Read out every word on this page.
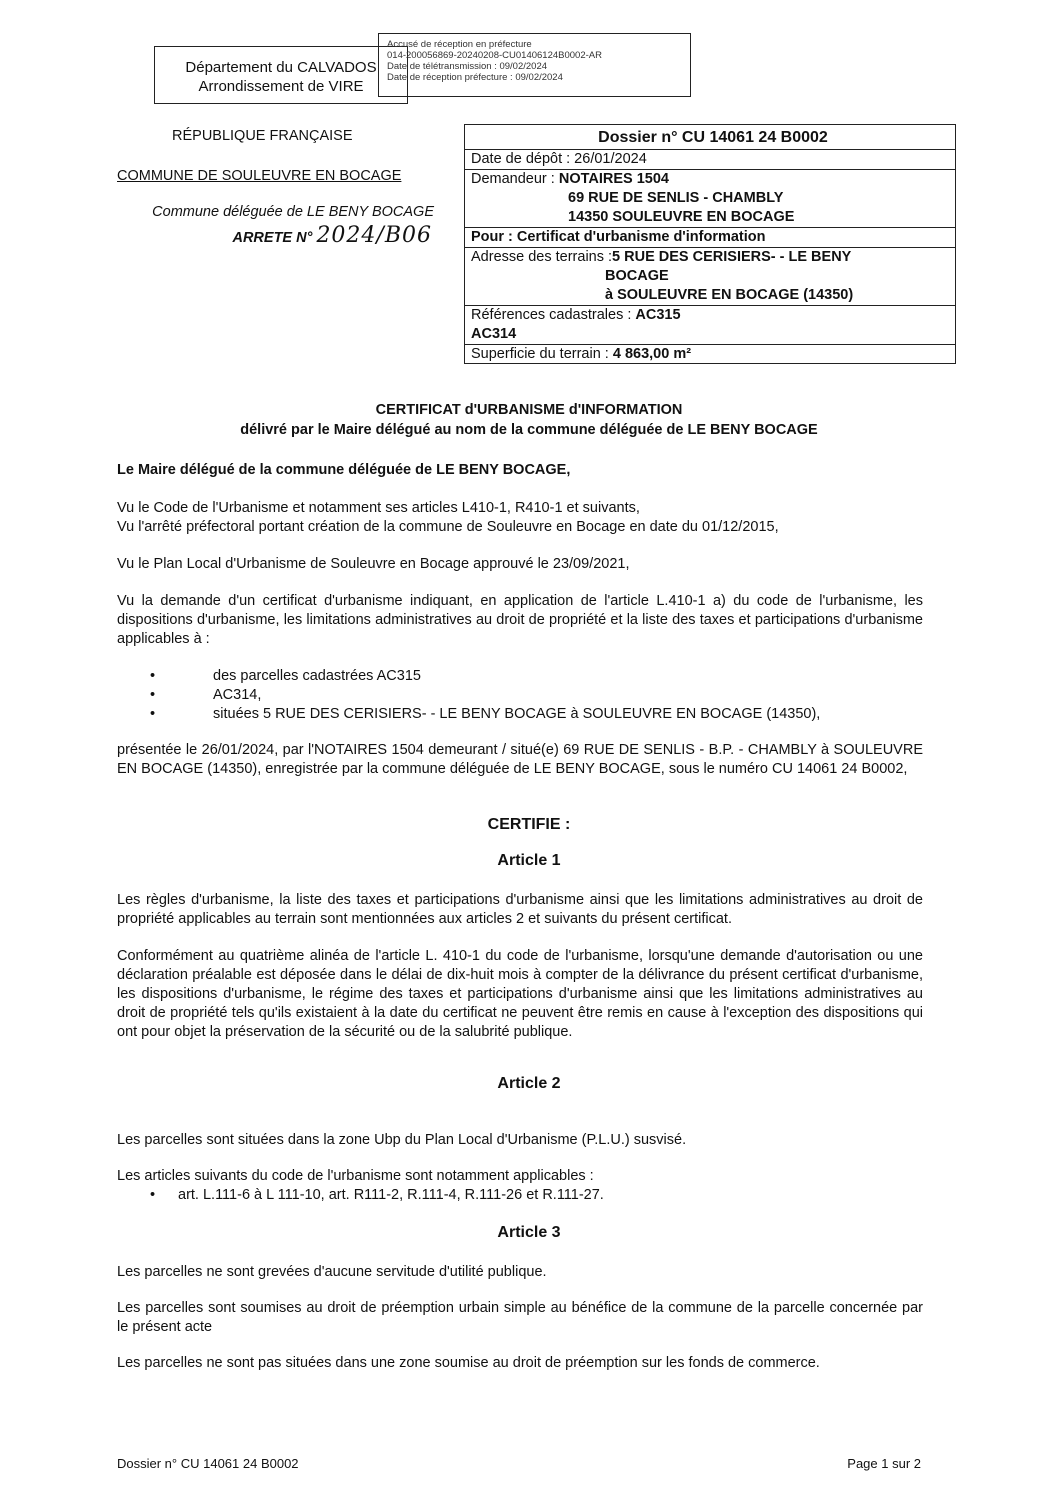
Département du CALVADOS
Arrondissement de VIRE
Accusé de réception en préfecture
014-200056869-20240208-CU01406124B0002-AR
Date de télétransmission : 09/02/2024
Date de réception préfecture : 09/02/2024
RÉPUBLIQUE FRANÇAISE
COMMUNE DE SOULEUVRE EN BOCAGE
Commune déléguée de LE BENY BOCAGE
ARRETE N° 2024/B06
Dossier n° CU 14061 24 B0002
Date de dépôt : 26/01/2024
Demandeur : NOTAIRES 1504
69 RUE DE SENLIS - CHAMBLY
14350 SOULEUVRE EN BOCAGE
Pour : Certificat d'urbanisme d'information
Adresse des terrains :5 RUE DES CERISIERS- - LE BENY
BOCAGE
à SOULEUVRE EN BOCAGE (14350)
Références cadastrales : AC315
AC314
Superficie du terrain : 4 863,00 m²
CERTIFICAT d'URBANISME d'INFORMATION
délivré par le Maire délégué au nom de la commune déléguée de LE BENY BOCAGE
Le Maire délégué de la commune déléguée de LE BENY BOCAGE,
Vu le Code de l'Urbanisme et notamment ses articles L410-1, R410-1 et suivants,
Vu l'arrêté préfectoral portant création de la commune de Souleuvre en Bocage en date du 01/12/2015,
Vu le Plan Local d'Urbanisme de Souleuvre en Bocage approuvé le 23/09/2021,
Vu la demande d'un certificat d'urbanisme indiquant, en application de l'article L.410-1 a) du code de l'urbanisme, les dispositions d'urbanisme, les limitations administratives au droit de propriété et la liste des taxes et participations d'urbanisme applicables à :
•	des parcelles cadastrées AC315
•	AC314,
•	situées 5 RUE DES CERISIERS- - LE BENY BOCAGE à SOULEUVRE EN BOCAGE (14350),
présentée le 26/01/2024, par l'NOTAIRES 1504 demeurant / situé(e) 69 RUE DE SENLIS - B.P. - CHAMBLY à SOULEUVRE EN BOCAGE (14350), enregistrée par la commune déléguée de LE BENY BOCAGE, sous le numéro CU 14061 24 B0002,
CERTIFIE :
Article 1
Les règles d'urbanisme, la liste des taxes et participations d'urbanisme ainsi que les limitations administratives au droit de propriété applicables au terrain sont mentionnées aux articles 2 et suivants du présent certificat.
Conformément au quatrième alinéa de l'article L. 410-1 du code de l'urbanisme, lorsqu'une demande d'autorisation ou une déclaration préalable est déposée dans le délai de dix-huit mois à compter de la délivrance du présent certificat d'urbanisme, les dispositions d'urbanisme, le régime des taxes et participations d'urbanisme ainsi que les limitations administratives au droit de propriété tels qu'ils existaient à la date du certificat ne peuvent être remis en cause à l'exception des dispositions qui ont pour objet la préservation de la sécurité ou de la salubrité publique.
Article 2
Les parcelles sont situées dans la zone Ubp du Plan Local d'Urbanisme (P.L.U.) susvisé.
Les articles suivants du code de l'urbanisme sont notamment applicables :
• art. L.111-6 à L 111-10, art. R111-2, R.111-4, R.111-26 et R.111-27.
Article 3
Les parcelles ne sont grevées d'aucune servitude d'utilité publique.
Les parcelles sont soumises au droit de préemption urbain simple au bénéfice de la commune de la parcelle concernée par le présent acte
Les parcelles ne sont pas situées dans une zone soumise au droit de préemption sur les fonds de commerce.
Dossier n° CU 14061 24 B0002	Page 1 sur 2
